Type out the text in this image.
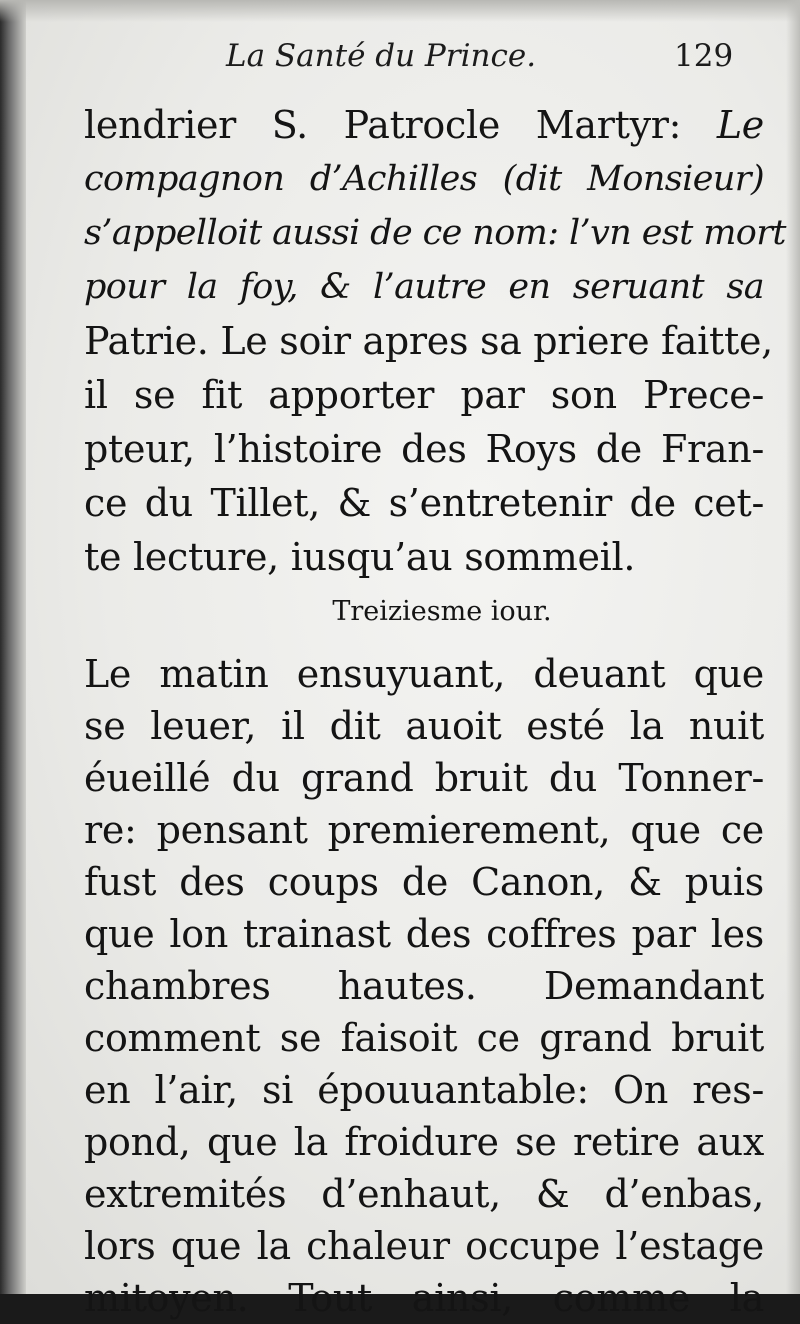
La Santé du Prince.	129
lendrier S. Patrocle Martyr: Le
compagnon d’Achilles (dit Monsieur)
s’appelloit aussi de ce nom: l’vn est mort
pour la foy, & l’autre en seruant sa
Patrie. Le soir apres sa priere faitte,
il se fit apporter par son Prece-
pteur, l’histoire des Roys de Fran-
ce du Tillet, & s’entretenir de cet-
te lecture, iusqu’au sommeil.
Treiziesme iour.
Le matin ensuyuant, deuant que
se leuer, il dit auoit esté la nuit
éueillé du grand bruit du Tonner-
re: pensant premierement, que ce
fust des coups de Canon, & puis
que lon trainast des coffres par les
chambres hautes. Demandant
comment se faisoit ce grand bruit
en l’air, si épouuantable: On res-
pond, que la froidure se retire aux
extremités d’enhaut, & d’enbas,
lors que la chaleur occupe l’estage
mitoyen. Tout ainsi, comme la
